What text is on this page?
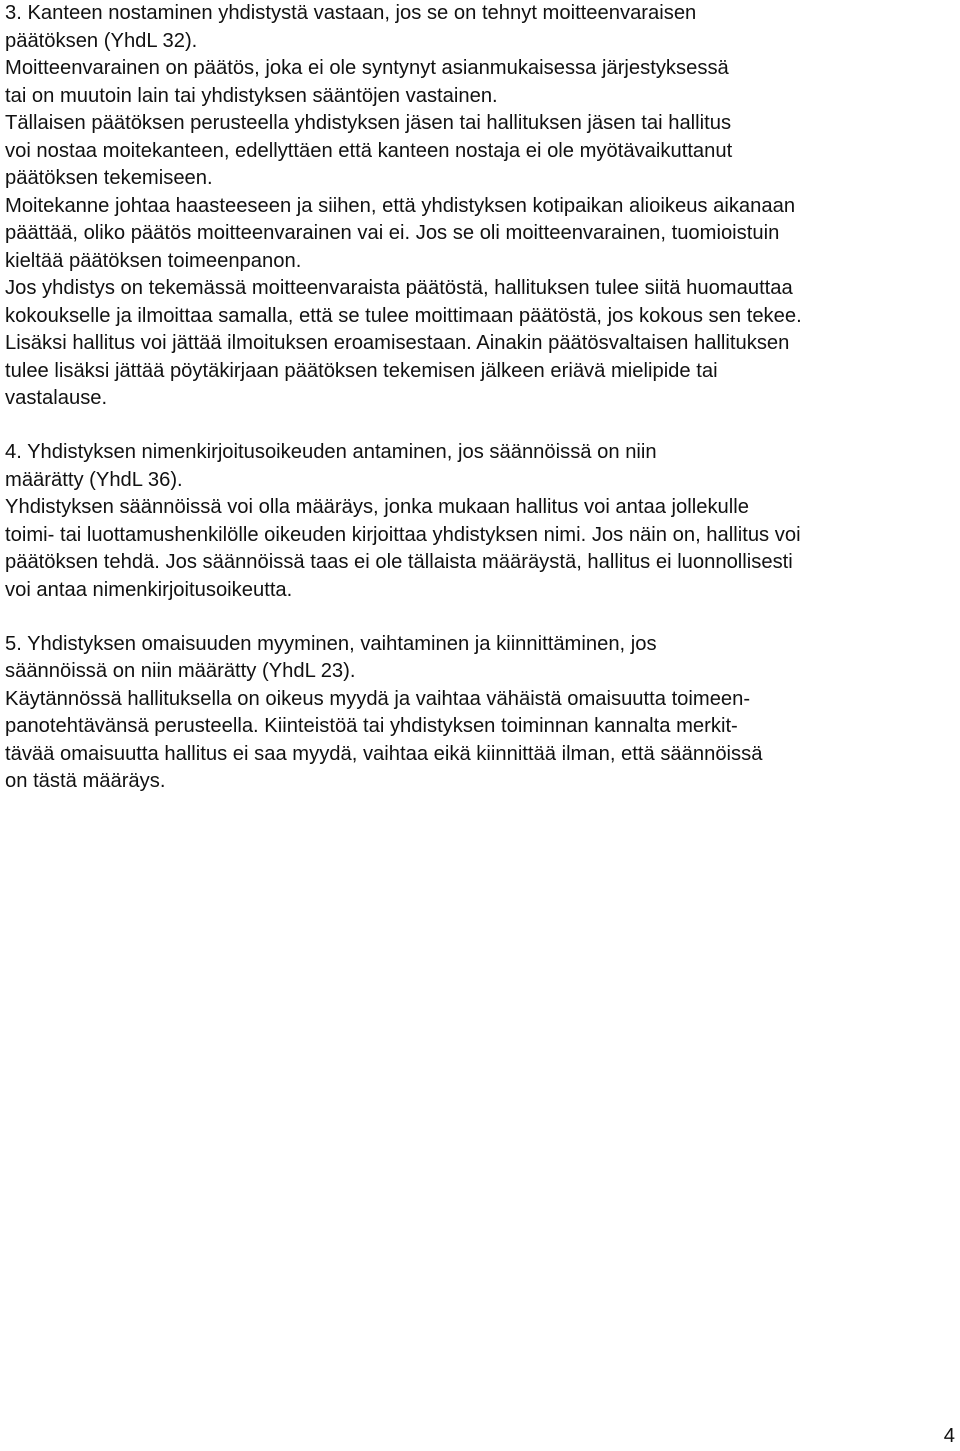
3. Kanteen nostaminen yhdistystä vastaan, jos se on tehnyt moitteenvaraisen
päätöksen (YhdL 32).
Moitteenvarainen on päätös, joka ei ole syntynyt asianmukaisessa järjestyksessä
tai on muutoin lain tai yhdistyksen sääntöjen vastainen.
Tällaisen päätöksen perusteella yhdistyksen jäsen tai hallituksen jäsen tai hallitus
voi nostaa moitekanteen, edellyttäen että kanteen nostaja ei ole myötävaikuttanut
päätöksen tekemiseen.
Moitekanne johtaa haasteeseen ja siihen, että yhdistyksen kotipaikan alioikeus aikanaan
päättää, oliko päätös moitteenvarainen vai ei. Jos se oli moitteenvarainen, tuomioistuin
kieltää päätöksen toimeenpanon.
Jos yhdistys on tekemässä moitteenvaraista päätöstä, hallituksen tulee siitä huomauttaa
kokoukselle ja ilmoittaa samalla, että se tulee moittimaan päätöstä, jos kokous sen tekee.
Lisäksi hallitus voi jättää ilmoituksen eroamisestaan. Ainakin päätösvaltaisen hallituksen
tulee lisäksi jättää pöytäkirjaan päätöksen tekemisen jälkeen eriävä mielipide tai
vastalause.
4. Yhdistyksen nimenkirjoitusoikeuden antaminen, jos säännöissä on niin
määrätty (YhdL 36).
Yhdistyksen säännöissä voi olla määräys, jonka mukaan hallitus voi antaa jollekulle
toimi- tai luottamushenkilölle oikeuden kirjoittaa yhdistyksen nimi. Jos näin on, hallitus voi
päätöksen tehdä. Jos säännöissä taas ei ole tällaista määräystä, hallitus ei luonnollisesti
voi antaa nimenkirjoitusoikeutta.
5. Yhdistyksen omaisuuden myyminen, vaihtaminen ja kiinnittäminen, jos
säännöissä on niin määrätty (YhdL 23).
Käytännössä hallituksella on oikeus myydä ja vaihtaa vähäistä omaisuutta toimeen-
panotehtävänsä perusteella. Kiinteistöä tai yhdistyksen toiminnan kannalta merkit-
tävää omaisuutta hallitus ei saa myydä, vaihtaa eikä kiinnittää ilman, että säännöissä
on tästä määräys.
4
